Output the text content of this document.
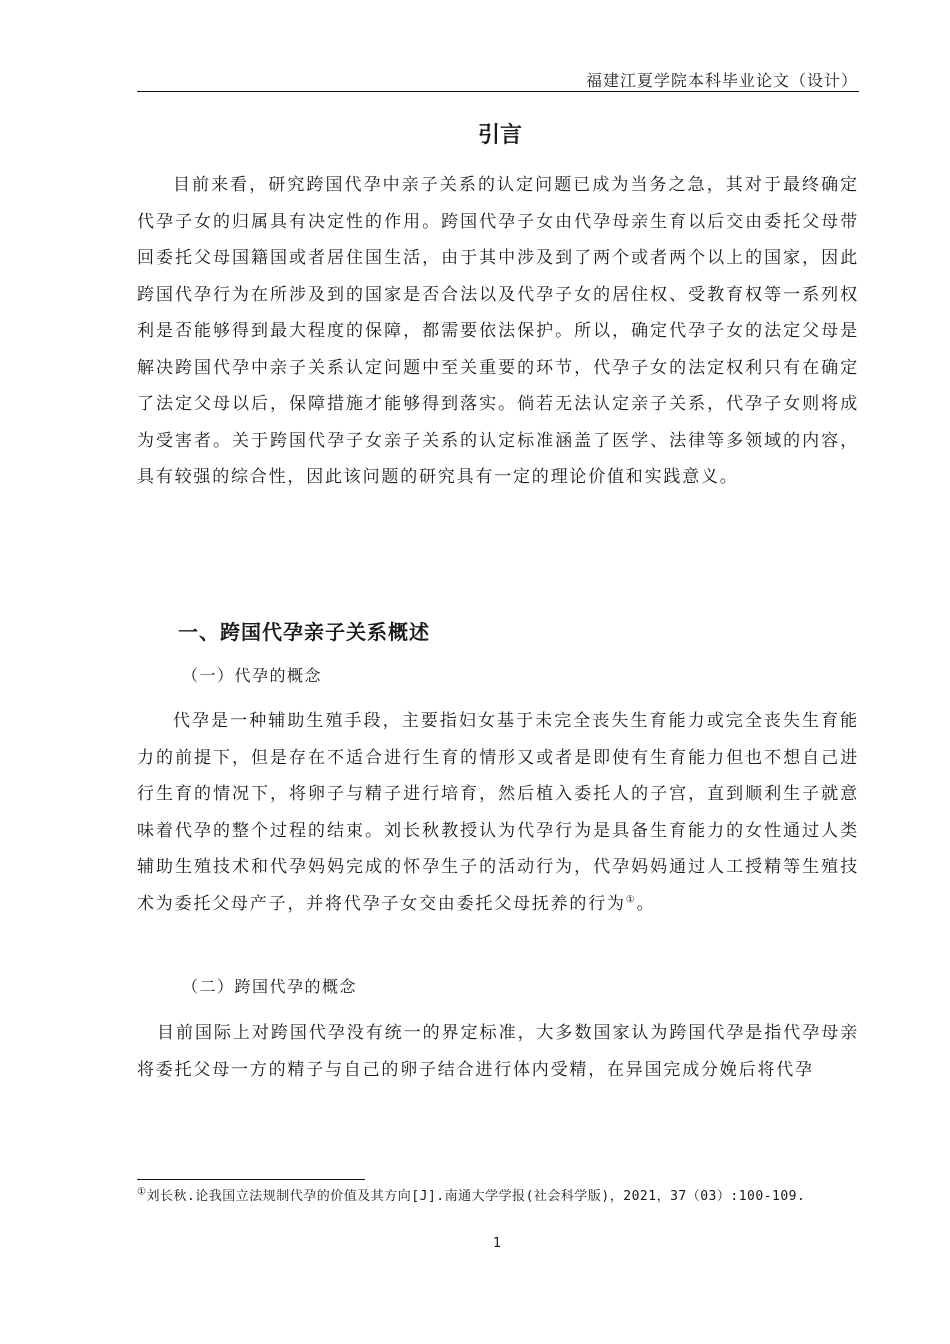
福建江夏学院本科毕业论文（设计）
引言

目前来看，研究跨国代孕中亲子关系的认定问题已成为当务之急，其对于最终确定代孕子女的归属具有决定性的作用。跨国代孕子女由代孕母亲生育以后交由委托父母带回委托父母国籍国或者居住国生活，由于其中涉及到了两个或者两个以上的国家，因此跨国代孕行为在所涉及到的国家是否合法以及代孕子女的居住权、受教育权等一系列权利是否能够得到最大程度的保障，都需要依法保护。所以，确定代孕子女的法定父母是解决跨国代孕中亲子关系认定问题中至关重要的环节，代孕子女的法定权利只有在确定了法定父母以后，保障措施才能够得到落实。倘若无法认定亲子关系，代孕子女则将成为受害者。关于跨国代孕子女亲子关系的认定标准涵盖了医学、法律等多领域的内容，具有较强的综合性，因此该问题的研究具有一定的理论价值和实践意义。

一、跨国代孕亲子关系概述
（一）代孕的概念

代孕是一种辅助生殖手段，主要指妇女基于未完全丧失生育能力或完全丧失生育能力的前提下，但是存在不适合进行生育的情形又或者是即使有生育能力但也不想自己进行生育的情况下，将卵子与精子进行培育，然后植入委托人的子宫，直到顺利生子就意味着代孕的整个过程的结束。刘长秋教授认为代孕行为是具备生育能力的女性通过人类辅助生殖技术和代孕妈妈完成的怀孕生子的活动行为，代孕妈妈通过人工授精等生殖技术为委托父母产子，并将代孕子女交由委托父母抚养的行为①。

（二）跨国代孕的概念

目前国际上对跨国代孕没有统一的界定标准，大多数国家认为跨国代孕是指代孕母亲将委托父母一方的精子与自己的卵子结合进行体内受精，在异国完成分娩后将代孕

①刘长秋.论我国立法规制代孕的价值及其方向[J].南通大学学报(社会科学版)，2021，37（03）:100-109.

1
